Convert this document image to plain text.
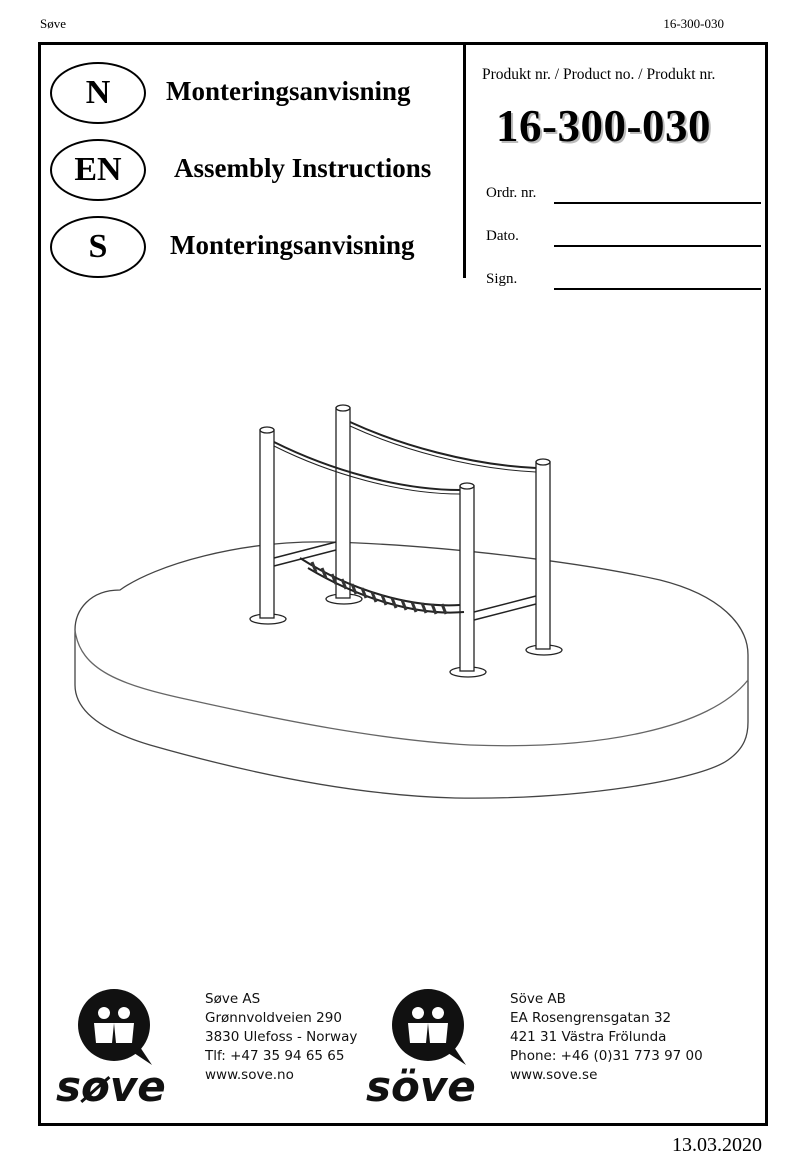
Søve	16-300-030
N	Monteringsanvisning
EN	Assembly Instructions
S	Monteringsanvisning
Produkt nr. / Product no. / Produkt nr.
16-300-030
Ordr. nr.
Dato.
Sign.
søve
Søve AS
Grønnvoldveien 290
3830 Ulefoss - Norway
Tlf: +47 35 94 65 65
www.sove.no	söve
Söve AB
EA Rosengrensgatan 32
421 31 Västra Frölunda
Phone: +46 (0)31 773 97 00
www.sove.se
13.03.2020
